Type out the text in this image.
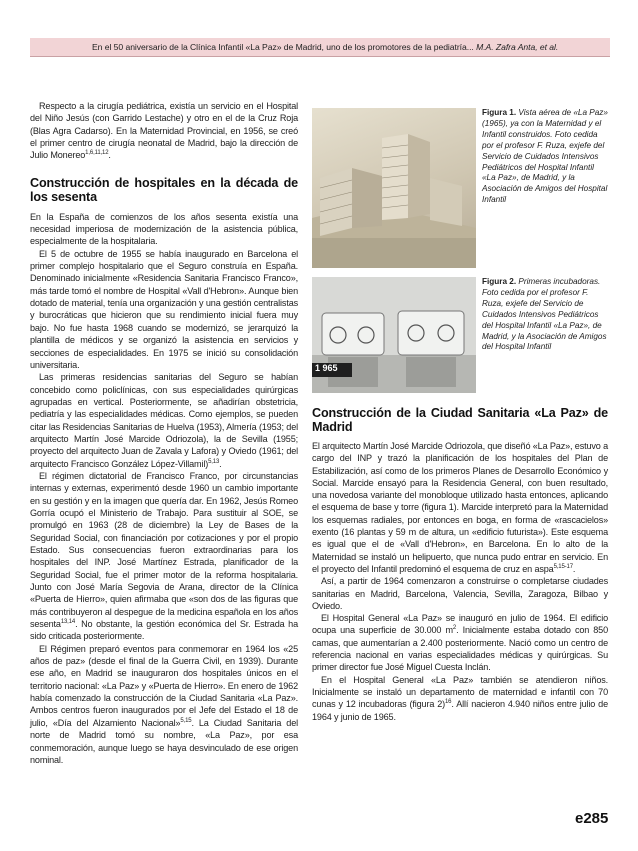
En el 50 aniversario de la Clínica Infantil «La Paz» de Madrid, uno de los promotores de la pediatría... M.A. Zafra Anta, et al.

Respecto a la cirugía pediátrica, existía un servicio en el Hospital del Niño Jesús (con Garrido Lestache) y otro en el de la Cruz Roja (Blas Agra Cadarso). En la Maternidad Provincial, en 1956, se creó el primer centro de cirugía neonatal de Madrid, bajo la dirección de Julio Monereo$^{1,6,11,12}$.

Construcción de hospitales en la década de los sesenta

En la España de comienzos de los años sesenta existía una necesidad imperiosa de modernización de la asistencia pública, especialmente de la hospitalaria.

El 5 de octubre de 1955 se había inaugurado en Barcelona el primer complejo hospitalario que el Seguro construía en España. Denominado inicialmente «Residencia Sanitaria Francisco Franco», más tarde tomó el nombre de Hospital «Vall d'Hebron». Aunque bien dotado de material, tenía una organización y una gestión centralistas y burocráticas que hicieron que su rendimiento inicial fuera muy bajo. No fue hasta 1968 cuando se modernizó, se jerarquizó la plantilla de médicos y se organizó la asistencia en servicios y secciones de especialidades. En 1975 se inició su consolidación universitaria.

Las primeras residencias sanitarias del Seguro se habían concebido como policlínicas, con sus especialidades quirúrgicas agrupadas en vertical. Posteriormente, se añadirían obstetricia, pediatría y las especialidades médicas. Como ejemplos, se pueden citar las Residencias Sanitarias de Huelva (1953), Almería (1953; del arquitecto Martín José Marcide Odriozola), la de Sevilla (1955; proyecto del arquitecto Juan de Zavala y Lafora) y Oviedo (1961; del arquitecto Francisco González López-Villamil)$^{5,13}$.

El régimen dictatorial de Francisco Franco, por circunstancias internas y externas, experimentó desde 1960 un cambio importante en su gestión y en la imagen que quería dar. En 1962, Jesús Romeo Gorría ocupó el Ministerio de Trabajo. Para sustituir al SOE, se promulgó en 1963 (28 de diciembre) la Ley de Bases de la Seguridad Social, con financiación por cotizaciones y por el propio Estado. Sus consecuencias fueron extraordinarias para los hospitales del INP. José Martínez Estrada, planificador de la Seguridad Social, fue el primer motor de la reforma hospitalaria. Junto con José María Segovia de Arana, director de la Clínica «Puerta de Hierro», quien afirmaba que «son dos de las figuras que más contribuyeron al despegue de la medicina española en los años sesenta$^{13,14}$. No obstante, la gestión económica del Sr. Estrada ha sido criticada posteriormente.

El Régimen preparó eventos para conmemorar en 1964 los «25 años de paz» (desde el final de la Guerra Civil, en 1939). Durante ese año, en Madrid se inauguraron dos hospitales únicos en el territorio nacional: «La Paz» y «Puerta de Hierro». En enero de 1962 había comenzado la construcción de la Ciudad Sanitaria «La Paz». Ambos centros fueron inaugurados por el Jefe del Estado el 18 de julio, «Día del Alzamiento Nacional»$^{5,15}$. La Ciudad Sanitaria del norte de Madrid tomó su nombre, «La Paz», por esa conmemoración, aunque luego se haya desvinculado de ese origen nominal.

Figura 1. Vista aérea de «La Paz» (1965), ya con la Maternidad y el Infantil construidos. Foto cedida por el profesor F. Ruza, exjefe del Servicio de Cuidados Intensivos Pediátricos del Hospital Infantil «La Paz», de Madrid, y la Asociación de Amigos del Hospital Infantil
1 965
Figura 2. Primeras incubadoras. Foto cedida por el profesor F. Ruza, exjefe del Servicio de Cuidados Intensivos Pediátricos del Hospital Infantil «La Paz», de Madrid, y la Asociación de Amigos del Hospital Infantil
Construcción de la Ciudad Sanitaria «La Paz» de Madrid

El arquitecto Martín José Marcide Odriozola, que diseñó «La Paz», estuvo a cargo del INP y trazó la planificación de los hospitales del Plan de Estabilización, así como de los primeros Planes de Desarrollo Económico y Social. Marcide ensayó para la Residencia General, con buen resultado, una novedosa variante del monobloque utilizado hasta entonces, aplicando el esquema de base y torre (figura 1). Marcide interpretó para la Maternidad los esquemas radiales, por entonces en boga, en forma de «rascacielos» exento (16 plantas y 59 m de altura, un «edificio futurista»). Este esquema es igual que el de «Vall d'Hebron», en Barcelona. En lo alto de la Maternidad se instaló un helipuerto, que nunca pudo entrar en servicio. En el proyecto del Infantil predominó el esquema de cruz en aspa$^{5,15-17}$.

Así, a partir de 1964 comenzaron a construirse o completarse ciudades sanitarias en Madrid, Barcelona, Valencia, Sevilla, Zaragoza, Bilbao y Oviedo.

El Hospital General «La Paz» se inauguró en julio de 1964. El edificio ocupa una superficie de 30.000 $m^2$. Inicialmente estaba dotado con 850 camas, que aumentarían a 2.400 posteriormente. Nació como un centro de referencia nacional en varias especialidades médicas y quirúrgicas. Su primer director fue José Miguel Cuesta Inclán.

En el Hospital General «La Paz» también se atendieron niños. Inicialmente se instaló un departamento de maternidad e infantil con 70 cunas y 12 incubadoras (figura 2)$^{16}$. Allí nacieron 4.940 niños entre julio de 1964 y junio de 1965.

e285
